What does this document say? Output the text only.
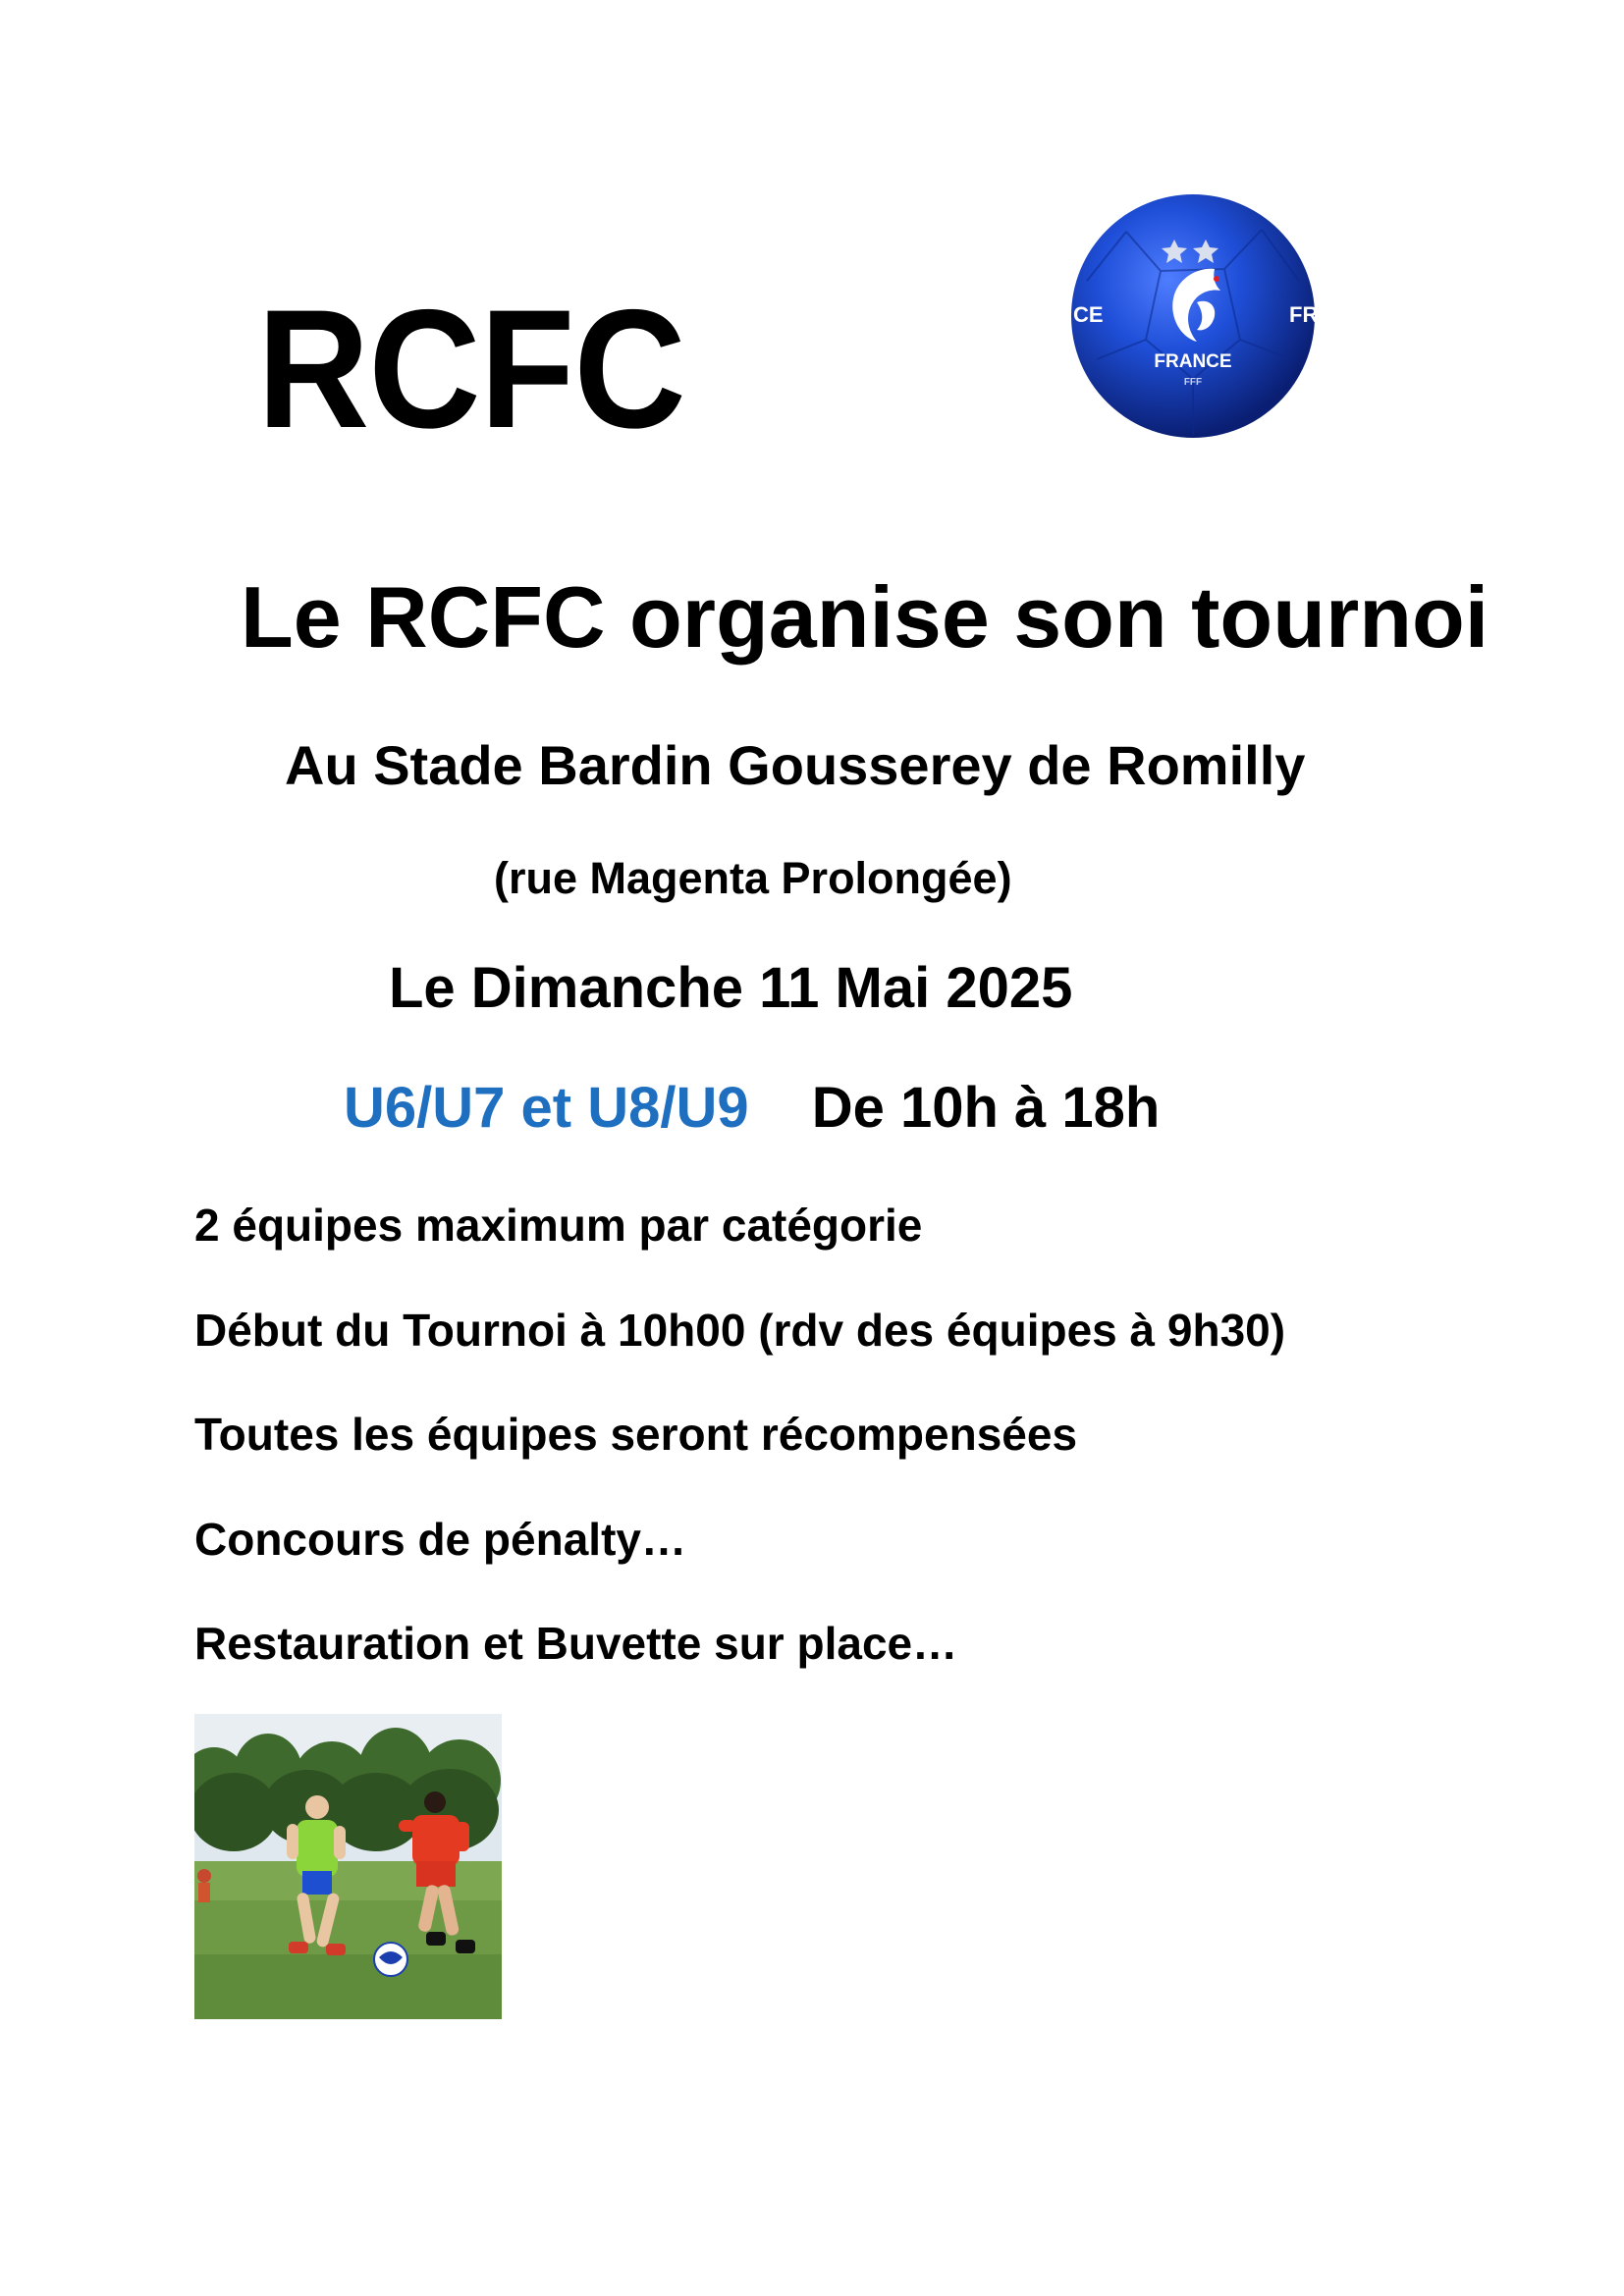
RCFC	FRANCE
FFF
CE	FR
Le RCFC organise son tournoi
Au Stade Bardin Gousserey de Romilly
(rue Magenta Prolongée)
Le Dimanche 11 Mai 2025
U6/U7 et U8/U9 De 10h à 18h
2 équipes maximum par catégorie
Début du Tournoi à 10h00 (rdv des équipes à 9h30)
Toutes les équipes seront récompensées
Concours de pénalty…
Restauration et Buvette sur place…
